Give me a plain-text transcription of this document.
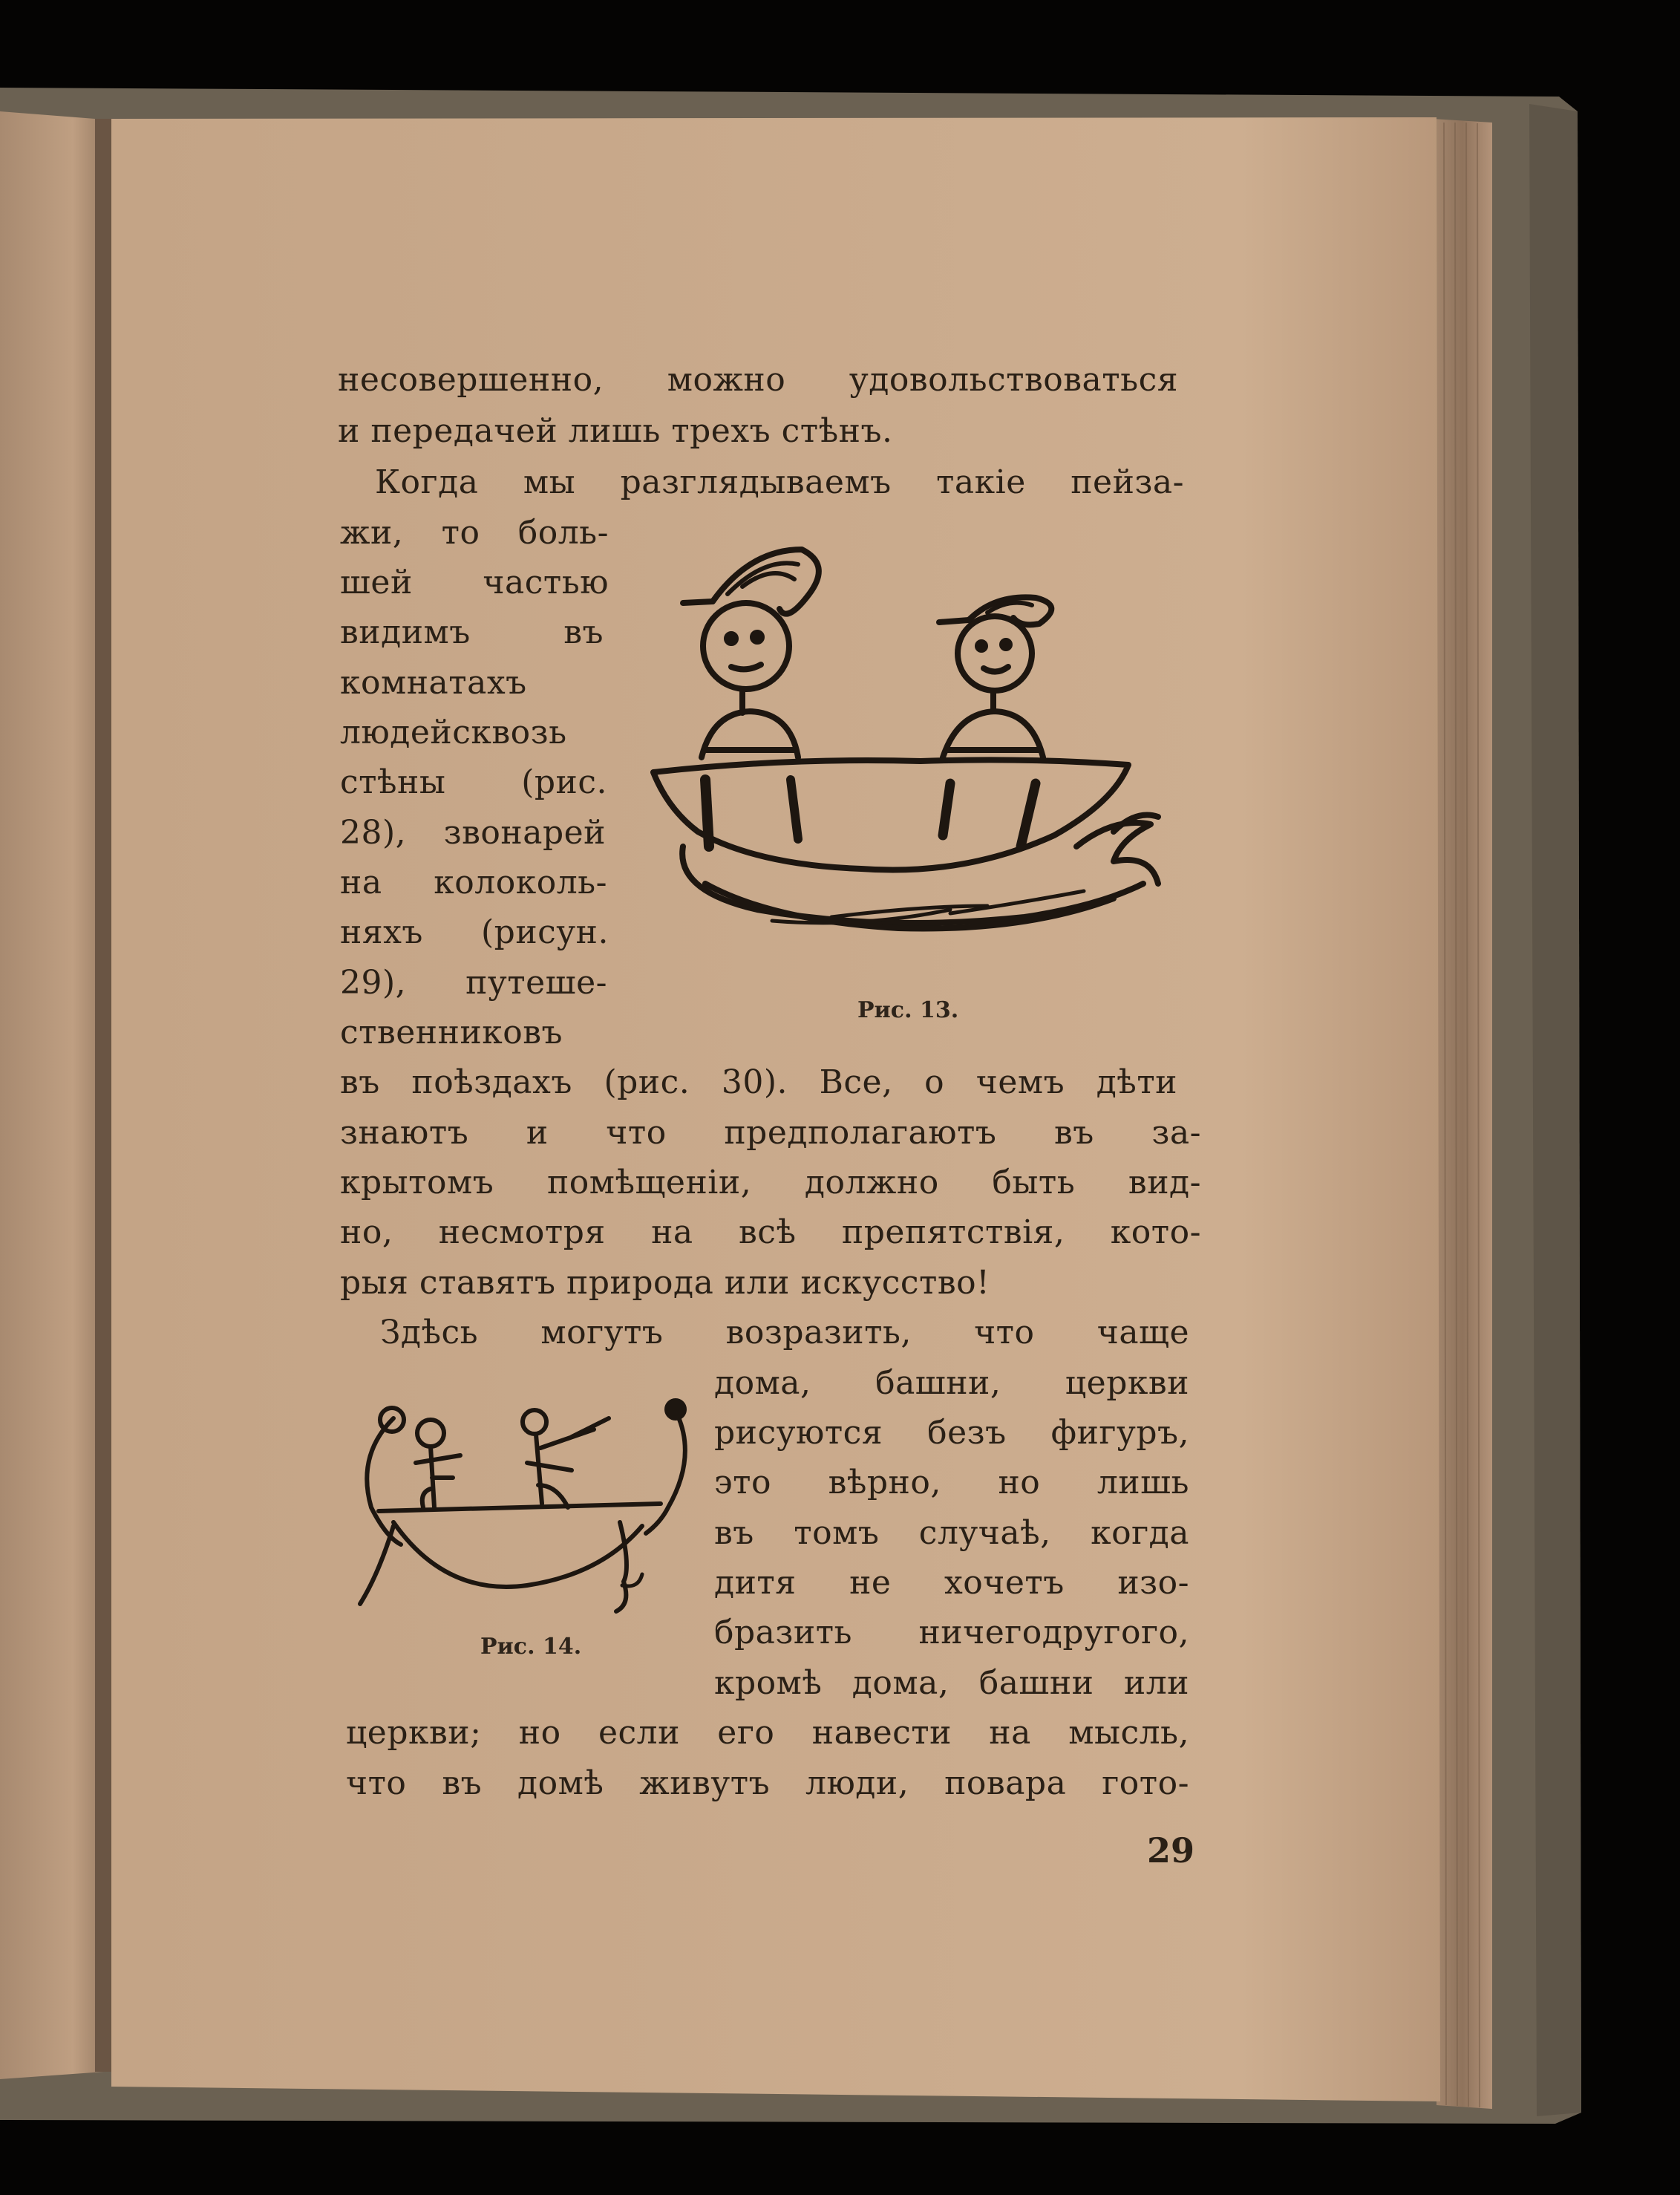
несовершенно, можно удовольствоваться
и передачей лишь трехъ стѣнъ.
Когда мы разглядываемъ такіе пейза-
жи, то боль-
шей частью
видимъ въ
комнатахъ
людейсквозь
стѣны (рис.
28), звонарей
на колоколь-
няхъ (рисун.
29), путеше-
ственниковъ
въ поѣздахъ (рис. 30). Все, о чемъ дѣти
знаютъ и что предполагаютъ въ за-
крытомъ помѣщеніи, должно быть вид-
но, несмотря на всѣ препятствія, кото-
рыя ставятъ природа или искусство!
Здѣсь могутъ возразить, что чаще
дома, башни, церкви
рисуются безъ фигуръ,
это вѣрно, но лишь
въ томъ случаѣ, когда
дитя не хочетъ изо-
бразить ничегодругого,
кромѣ дома, башни или
церкви; но если его навести на мысль,
что въ домѣ живутъ люди, повара гото-
Рис. 13.
Рис. 14.
29
